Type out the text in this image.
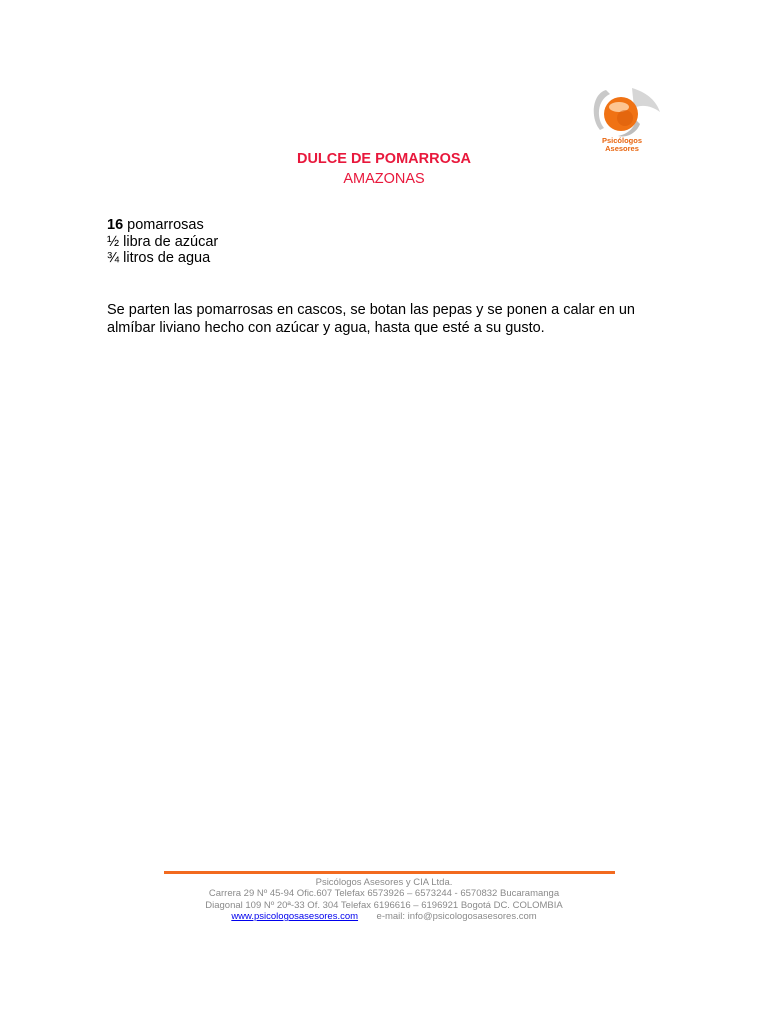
Psicólogos
Asesores
DULCE DE POMARROSA
AMAZONAS
16 pomarrosas
½ libra de azúcar
¾ litros de agua
Se parten las pomarrosas en cascos, se botan las pepas y se ponen a calar en un almíbar liviano hecho con azúcar y agua, hasta que esté a su gusto.
Psicólogos Asesores y CIA Ltda.
Carrera 29 Nº 45-94 Ofic.607 Telefax 6573926 – 6573244 - 6570832 Bucaramanga
Diagonal 109 Nº 20ª-33 Of. 304 Telefax 6196616 – 6196921 Bogotá DC. COLOMBIA
www.psicologosasesores.com e-mail: info@psicologosasesores.com
